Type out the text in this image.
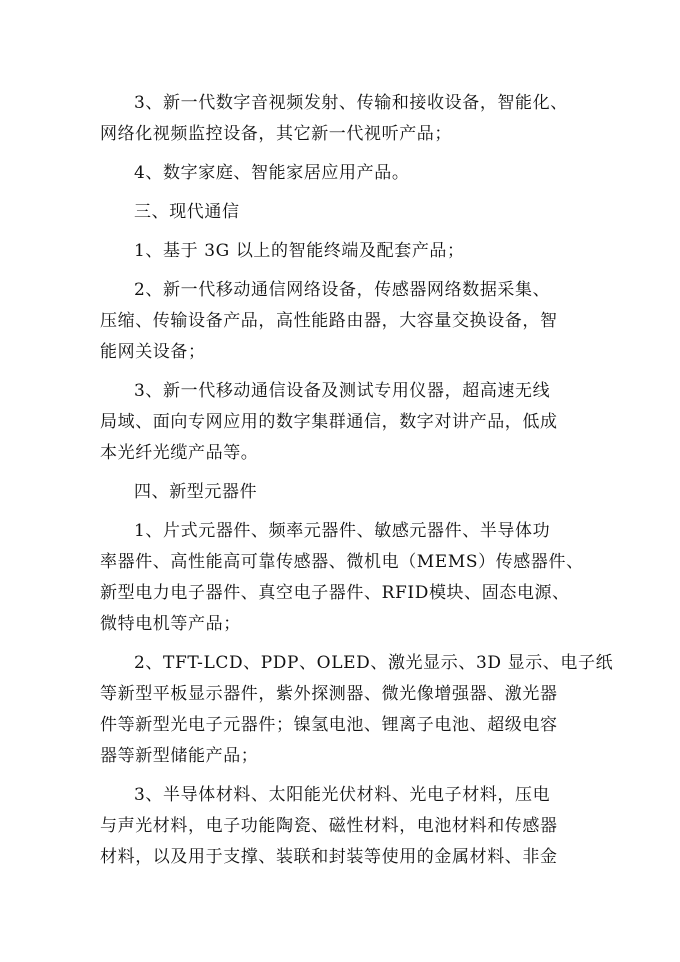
3、新一代数字音视频发射、传输和接收设备，智能化、
网络化视频监控设备，其它新一代视听产品；
4、数字家庭、智能家居应用产品。
三、现代通信
1、基于 3G 以上的智能终端及配套产品；
2、新一代移动通信网络设备，传感器网络数据采集、
压缩、传输设备产品，高性能路由器，大容量交换设备，智
能网关设备；
3、新一代移动通信设备及测试专用仪器，超高速无线
局域、面向专网应用的数字集群通信，数字对讲产品，低成
本光纤光缆产品等。
四、新型元器件
1、片式元器件、频率元器件、敏感元器件、半导体功
率器件、高性能高可靠传感器、微机电（MEMS）传感器件、
新型电力电子器件、真空电子器件、RFID模块、固态电源、
微特电机等产品；
2、TFT-LCD、PDP、OLED、激光显示、3D 显示、电子纸
等新型平板显示器件，紫外探测器、微光像增强器、激光器
件等新型光电子元器件；镍氢电池、锂离子电池、超级电容
器等新型储能产品；
3、半导体材料、太阳能光伏材料、光电子材料，压电
与声光材料，电子功能陶瓷、磁性材料，电池材料和传感器
材料，以及用于支撑、装联和封装等使用的金属材料、非金
